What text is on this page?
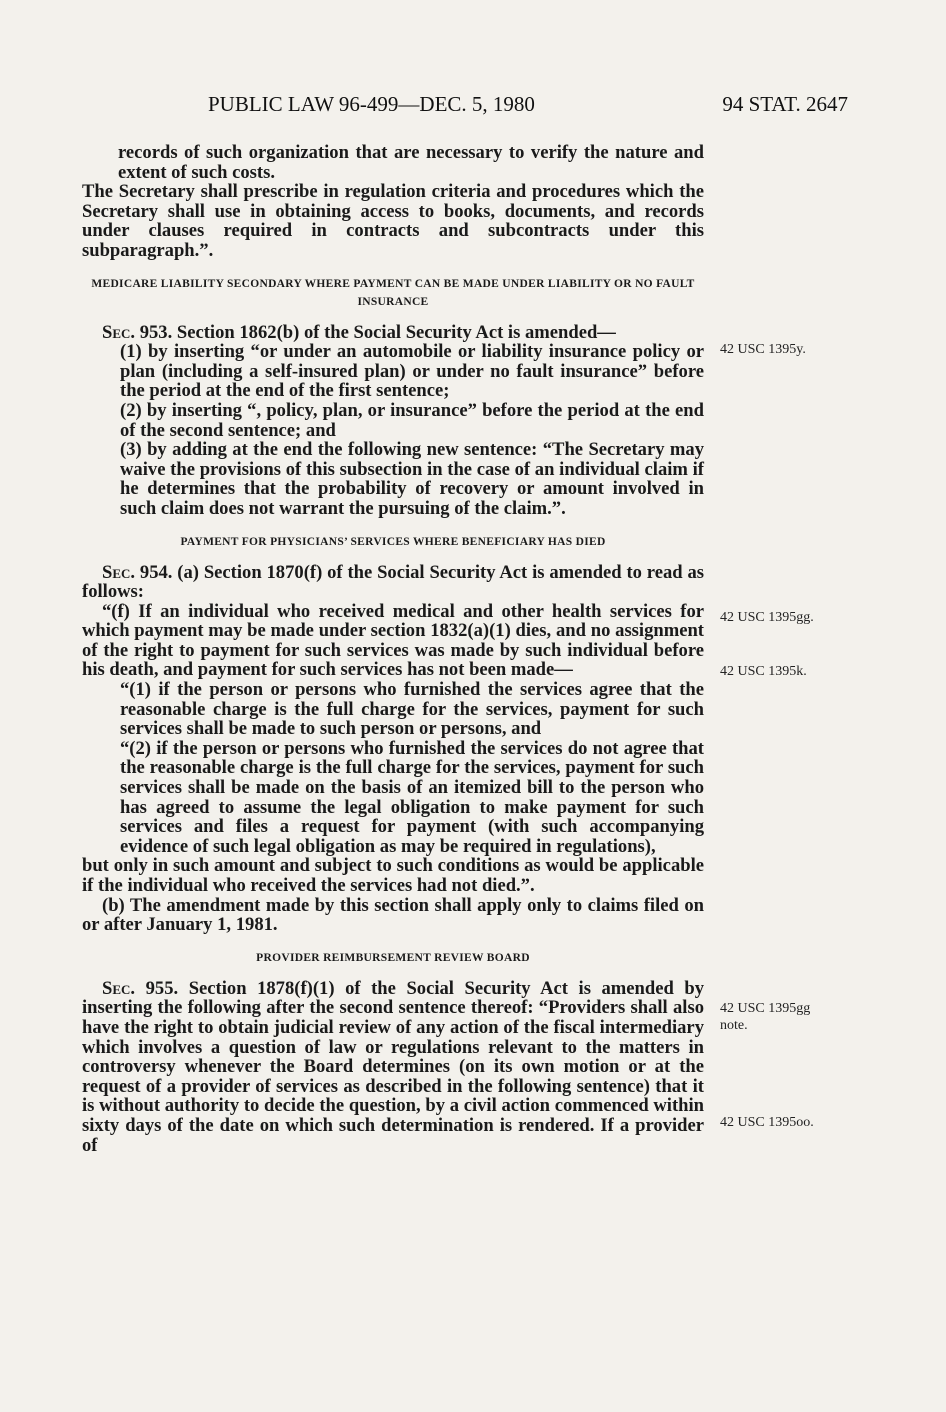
PUBLIC LAW 96-499—DEC. 5, 1980	94 STAT. 2647

records of such organization that are necessary to verify the nature and extent of such costs.

The Secretary shall prescribe in regulation criteria and procedures which the Secretary shall use in obtaining access to books, documents, and records under clauses required in contracts and subcontracts under this subparagraph.”.

MEDICARE LIABILITY SECONDARY WHERE PAYMENT CAN BE MADE UNDER LIABILITY OR NO FAULT INSURANCE

Sec. 953. Section 1862(b) of the Social Security Act is amended—

(1) by inserting “or under an automobile or liability insurance policy or plan (including a self-insured plan) or under no fault insurance” before the period at the end of the first sentence;

(2) by inserting “, policy, plan, or insurance” before the period at the end of the second sentence; and

(3) by adding at the end the following new sentence: “The Secretary may waive the provisions of this subsection in the case of an individual claim if he determines that the probability of recovery or amount involved in such claim does not warrant the pursuing of the claim.”.

PAYMENT FOR PHYSICIANS’ SERVICES WHERE BENEFICIARY HAS DIED

Sec. 954. (a) Section 1870(f) of the Social Security Act is amended to read as follows:

“(f) If an individual who received medical and other health services for which payment may be made under section 1832(a)(1) dies, and no assignment of the right to payment for such services was made by such individual before his death, and payment for such services has not been made—

“(1) if the person or persons who furnished the services agree that the reasonable charge is the full charge for the services, payment for such services shall be made to such person or persons, and

“(2) if the person or persons who furnished the services do not agree that the reasonable charge is the full charge for the services, payment for such services shall be made on the basis of an itemized bill to the person who has agreed to assume the legal obligation to make payment for such services and files a request for payment (with such accompanying evidence of such legal obligation as may be required in regulations),

but only in such amount and subject to such conditions as would be applicable if the individual who received the services had not died.”.

(b) The amendment made by this section shall apply only to claims filed on or after January 1, 1981.

PROVIDER REIMBURSEMENT REVIEW BOARD

Sec. 955. Section 1878(f)(1) of the Social Security Act is amended by inserting the following after the second sentence thereof: “Providers shall also have the right to obtain judicial review of any action of the fiscal intermediary which involves a question of law or regulations relevant to the matters in controversy whenever the Board determines (on its own motion or at the request of a provider of services as described in the following sentence) that it is without authority to decide the question, by a civil action commenced within sixty days of the date on which such determination is rendered. If a provider of

42 USC 1395y.
42 USC 1395gg.
42 USC 1395k.
42 USC 1395gg
note.
42 USC 1395oo.
